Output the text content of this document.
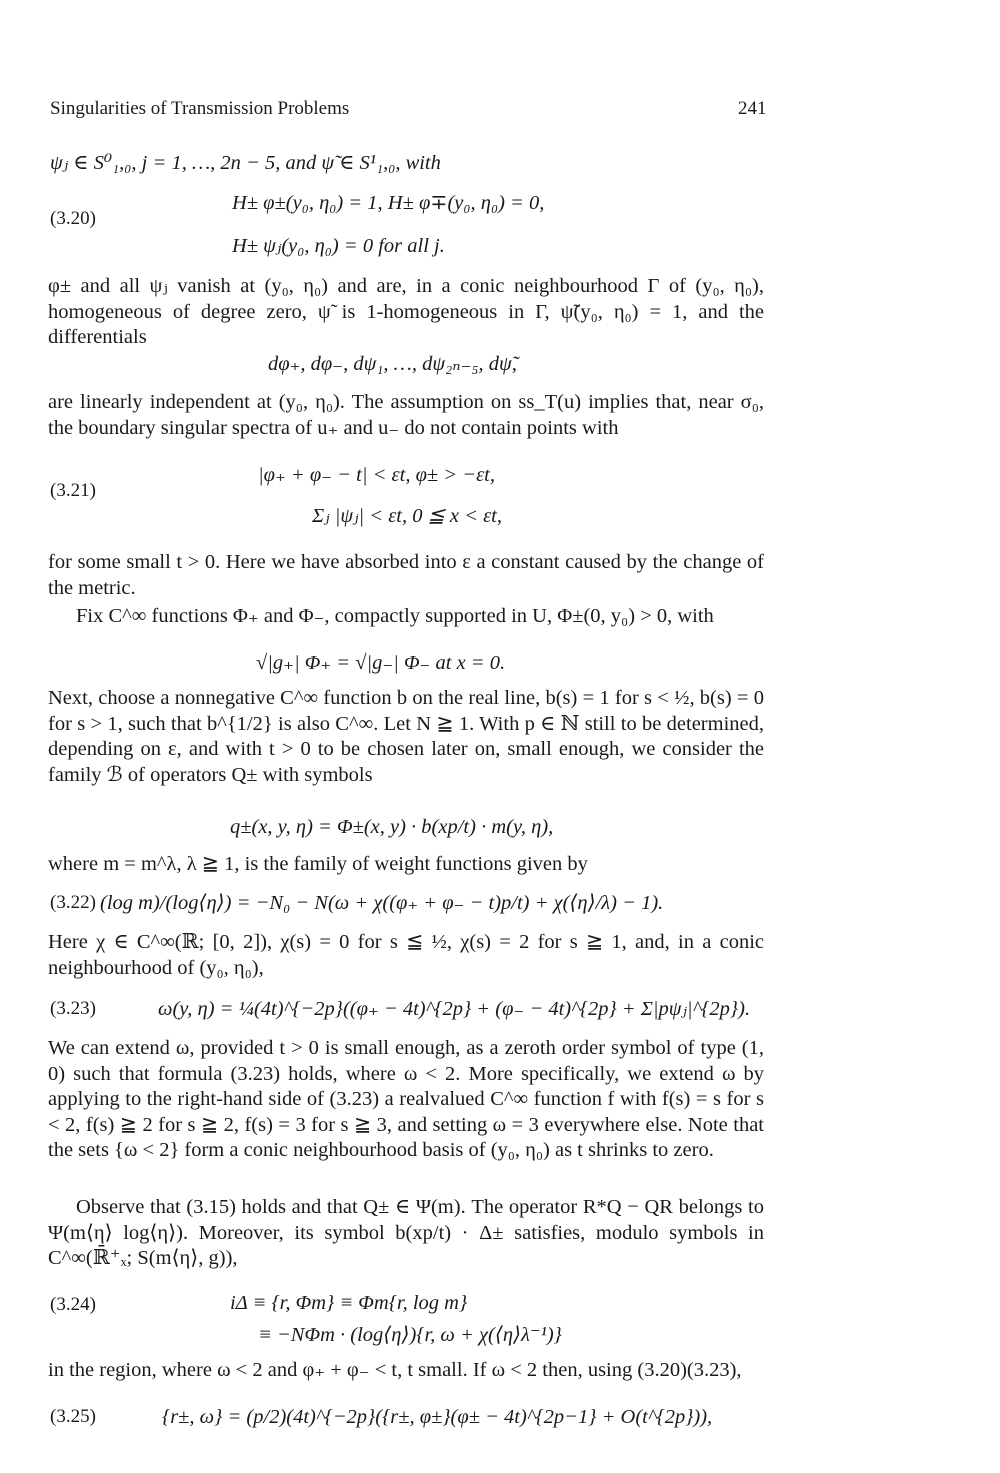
Singularities of Transmission Problems	241
ψⱼ ∈ S⁰₁,₀, j = 1, …, 2n − 5, and ψ̃ ∈ S¹₁,₀, with
(3.20)
H± φ±(y₀, η₀) = 1, H± φ∓(y₀, η₀) = 0,
H± ψⱼ(y₀, η₀) = 0 for all j.

φ± and all ψⱼ vanish at (y₀, η₀) and are, in a conic neighbourhood Γ of (y₀, η₀), homogeneous of degree zero, ψ̃ is 1-homogeneous in Γ, ψ̃(y₀, η₀) = 1, and the differentials

dφ₊, dφ₋, dψ₁, …, dψ₂ₙ₋₅, dψ̃,

are linearly independent at (y₀, η₀). The assumption on ss_T(u) implies that, near σ₀, the boundary singular spectra of u₊ and u₋ do not contain points with

(3.21)
|φ₊ + φ₋ − t| < εt, φ± > −εt,
Σⱼ |ψⱼ| < εt, 0 ≦ x < εt,

for some small t > 0. Here we have absorbed into ε a constant caused by the change of the metric.

Fix C^∞ functions Φ₊ and Φ₋, compactly supported in U, Φ±(0, y₀) > 0, with

√|g₊| Φ₊ = √|g₋| Φ₋ at x = 0.

Next, choose a nonnegative C^∞ function b on the real line, b(s) = 1 for s < ½, b(s) = 0 for s > 1, such that b^{1/2} is also C^∞. Let N ≧ 1. With p ∈ ℕ still to be determined, depending on ε, and with t > 0 to be chosen later on, small enough, we consider the family ℬ of operators Q± with symbols

q±(x, y, η) = Φ±(x, y) · b(xp/t) · m(y, η),

where m = m^λ, λ ≧ 1, is the family of weight functions given by

(3.22) (log m)/(log⟨η⟩) = −N₀ − N(ω + χ((φ₊ + φ₋ − t)p/t) + χ(⟨η⟩/λ) − 1).

Here χ ∈ C^∞(ℝ; [0, 2]), χ(s) = 0 for s ≦ ½, χ(s) = 2 for s ≧ 1, and, in a conic neighbourhood of (y₀, η₀),

(3.23)	ω(y, η) = ¼(4t)^{−2p}((φ₊ − 4t)^{2p} + (φ₋ − 4t)^{2p} + Σ|pψⱼ|^{2p}).

We can extend ω, provided t > 0 is small enough, as a zeroth order symbol of type (1, 0) such that formula (3.23) holds, where ω < 2. More specifically, we extend ω by applying to the right-hand side of (3.23) a realvalued C^∞ function f with f(s) = s for s < 2, f(s) ≧ 2 for s ≧ 2, f(s) = 3 for s ≧ 3, and setting ω = 3 everywhere else. Note that the sets {ω < 2} form a conic neighbourhood basis of (y₀, η₀) as t shrinks to zero.

Observe that (3.15) holds and that Q± ∈ Ψ(m). The operator R*Q − QR belongs to Ψ(m⟨η⟩ log⟨η⟩). Moreover, its symbol b(xp/t) · Δ± satisfies, modulo symbols in C^∞(ℝ̄⁺ₓ; S(m⟨η⟩, g)),

(3.24)	iΔ ≡ {r, Φm} ≡ Φm{r, log m}
≡ −NΦm · (log⟨η⟩){r, ω + χ(⟨η⟩λ⁻¹)}

in the region, where ω < 2 and φ₊ + φ₋ < t, t small. If ω < 2 then, using (3.20)(3.23),

(3.25)	{r±, ω} = (p/2)(4t)^{−2p}({r±, φ±}(φ± − 4t)^{2p−1} + O(t^{2p})),
